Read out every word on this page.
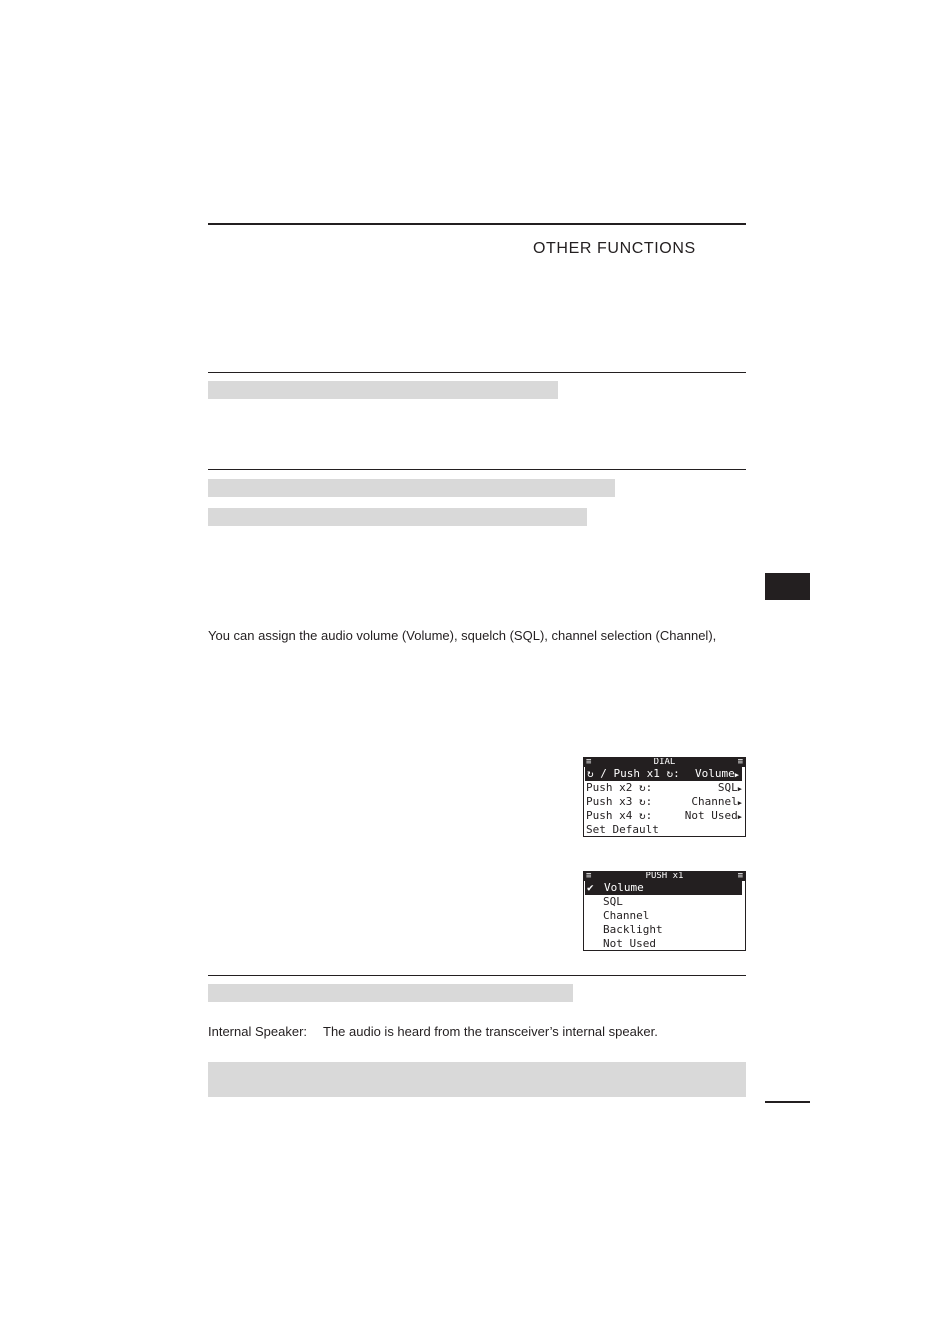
OTHER FUNCTIONS
You can assign the audio volume (Volume), squelch (SQL), channel selection (Channel),
≡	DIAL	≡
↻ / Push x1 ↻: Volume▶
Push x2 ↻:	SQL▶
Push x3 ↻:	Channel▶
Push x4 ↻:	Not Used▶
Set Default
≡	PUSH x1	≡
✔ Volume
SQL
Channel
Backlight
Not Used
Internal Speaker: The audio is heard from the transceiver’s internal speaker.
